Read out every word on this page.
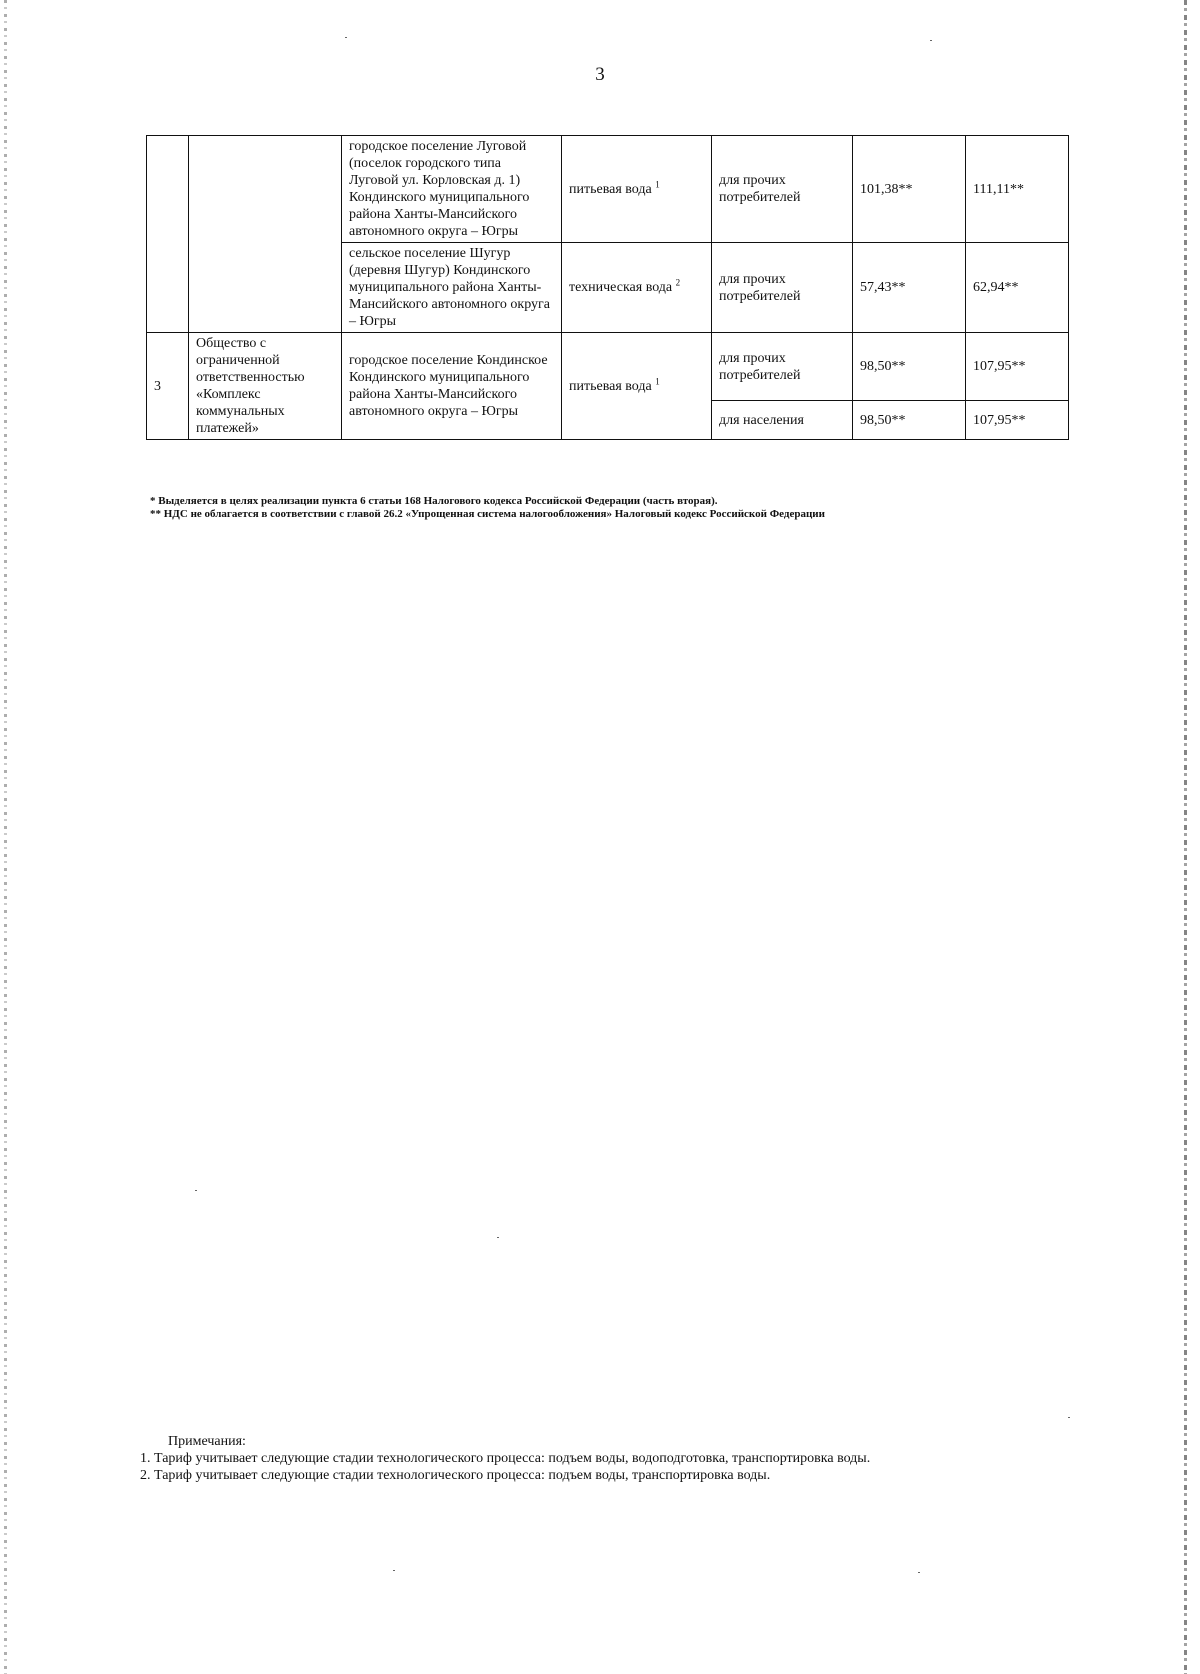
3
		городское поселение Луговой (поселок городского типа Луговой ул. Корловская д. 1) Кондинского муниципального района Ханты-Мансийского автономного округа – Югры	питьевая вода $^1$	для прочих потребителей	101,38**	111,11**
		сельское поселение Шугур (деревня Шугур) Кондинского муниципального района Ханты-Мансийского автономного округа – Югры	техническая вода $^2$	для прочих потребителей	57,43**	62,94**
3	Общество с ограниченной ответственностью «Комплекс коммунальных платежей»	городское поселение Кондинское Кондинского муниципального района Ханты-Мансийского автономного округа – Югры	питьевая вода $^1$	для прочих потребителей	98,50**	107,95**
				для населения	98,50**	107,95**
* Выделяется в целях реализации пункта 6 статьи 168 Налогового кодекса Российской Федерации (часть вторая).
** НДС не облагается в соответствии с главой 26.2 «Упрощенная система налогообложения» Налоговый кодекс Российской Федерации
Примечания:
1. Тариф учитывает следующие стадии технологического процесса: подъем воды, водоподготовка, транспортировка воды.
2. Тариф учитывает следующие стадии технологического процесса: подъем воды, транспортировка воды.
